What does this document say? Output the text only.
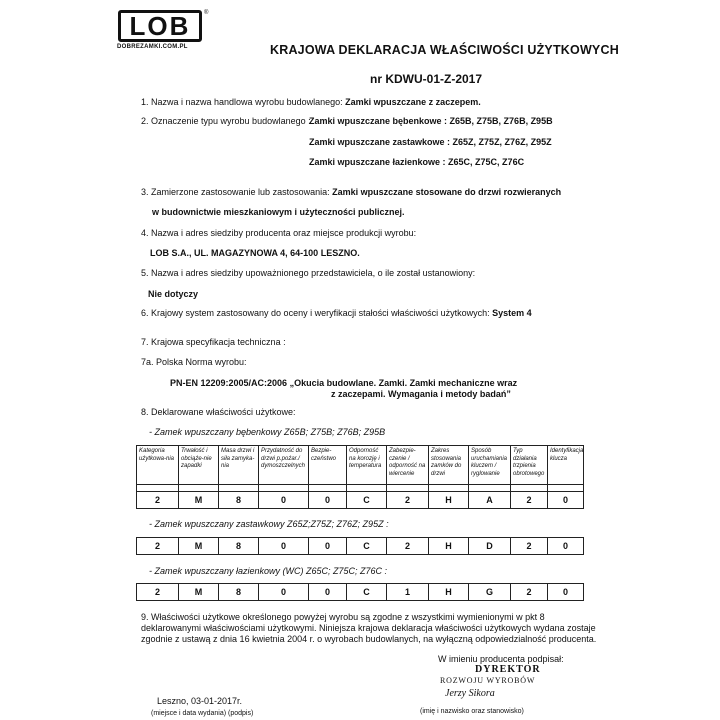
LOB	®
DOBREZAMKI.COM.PL	KRAJOWA DEKLARACJA WŁAŚCIWOŚCI UŻYTKOWYCH
nr KDWU-01-Z-2017
1. Nazwa i nazwa handlowa wyrobu budowlanego: Zamki wpuszczane z zaczepem.
2. Oznaczenie typu wyrobu budowlanego :
Zamki wpuszczane bębenkowe : Z65B, Z75B, Z76B, Z95B
Zamki wpuszczane zastawkowe : Z65Z, Z75Z, Z76Z, Z95Z
Zamki wpuszczane łazienkowe : Z65C, Z75C, Z76C
3. Zamierzone zastosowanie lub zastosowania: Zamki wpuszczane stosowane do drzwi rozwieranych
w budownictwie mieszkaniowym i użyteczności publicznej.
4. Nazwa i adres siedziby producenta oraz miejsce produkcji wyrobu:
LOB S.A., UL. MAGAZYNOWA 4, 64-100 LESZNO.
5. Nazwa i adres siedziby upoważnionego przedstawiciela, o ile został ustanowiony:
Nie dotyczy
6. Krajowy system zastosowany do oceny i weryfikacji stałości właściwości użytkowych: System 4
7. Krajowa specyfikacja techniczna :
7a. Polska Norma wyrobu:
PN-EN 12209:2005/AC:2006 „Okucia budowlane. Zamki. Zamki mechaniczne wraz
z zaczepami. Wymagania i metody badań”
8. Deklarowane właściwości użytkowe:
- Zamek wpuszczany bębenkowy Z65B; Z75B; Z76B; Z95B
Kategoria użytkowa-nia	Trwałość i obciąże-nie zapadki	Masa drzwi i siła zamyka-nia	Przydatność do drzwi p.pożar./ dymoszczelnych	Bezpie-czeństwo	Odporność na korozję i temperatura	Zabezpie-czenie / odporność na wiercenie	Zakres stosowania zamków do drzwi	Sposób uruchamiania kluczem / ryglowanie	Typ działania trzpienia obrotowego	Identyfikacja klucza

2	M	8	0	0	C	2	H	A	2	0
- Zamek wpuszczany zastawkowy Z65Z;Z75Z; Z76Z; Z95Z :
2	M	8	0	0	C	2	H	D	2	0
- Zamek wpuszczany łazienkowy (WC) Z65C; Z75C; Z76C :
2	M	8	0	0	C	1	H	G	2	0
9. Właściwości użytkowe określonego powyżej wyrobu są zgodne z wszystkimi wymienionymi w pkt 8
deklarowanymi właściwościami użytkowymi. Niniejsza krajowa deklaracja właściwości użytkowych wydana zostaje
zgodnie z ustawą z dnia 16 kwietnia 2004 r. o wyrobach budowlanych, na wyłączną odpowiedzialność producenta.
W imieniu producenta podpisał:
DYREKTOR
ROZWOJU WYROBÓW
Jerzy Sikora
Leszno, 03-01-2017r.
(miejsce i data wydania) (podpis)	(imię i nazwisko oraz stanowisko)
